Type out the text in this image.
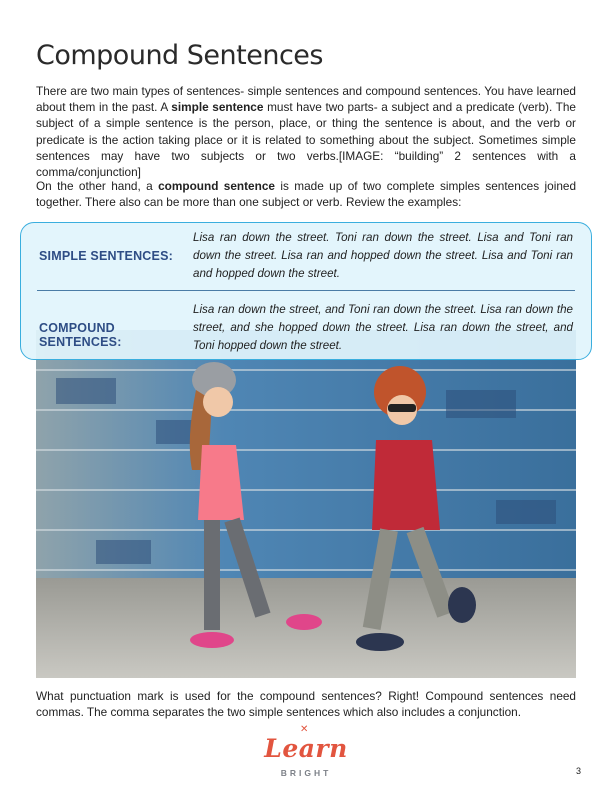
Compound Sentences

There are two main types of sentences- simple sentences and compound sentences. You have learned about them in the past. A simple sentence must have two parts- a subject and a predicate (verb). The subject of a simple sentence is the person, place, or thing the sentence is about, and the verb or predicate is the action taking place or it is related to something about the subject. Sometimes simple sentences may have two subjects or two verbs.[IMAGE: “building” 2 sentences with a comma/conjunction]

On the other hand, a compound sentence is made up of two complete simples sentences joined together. There also can be more than one subject or verb. Review the examples:

SIMPLE SENTENCES:
Lisa ran down the street. Toni ran down the street. Lisa and Toni ran down the street. Lisa ran and hopped down the street. Lisa and Toni ran and hopped down the street.
COMPOUND SENTENCES:
Lisa ran down the street, and Toni ran down the street. Lisa ran down the street, and she hopped down the street. Lisa ran down the street, and Toni hopped down the street.

What punctuation mark is used for the compound sentences? Right! Compound sentences need commas. The comma separates the two simple sentences which also includes a conjunction.

✕
Learn
BRIGHT	3
